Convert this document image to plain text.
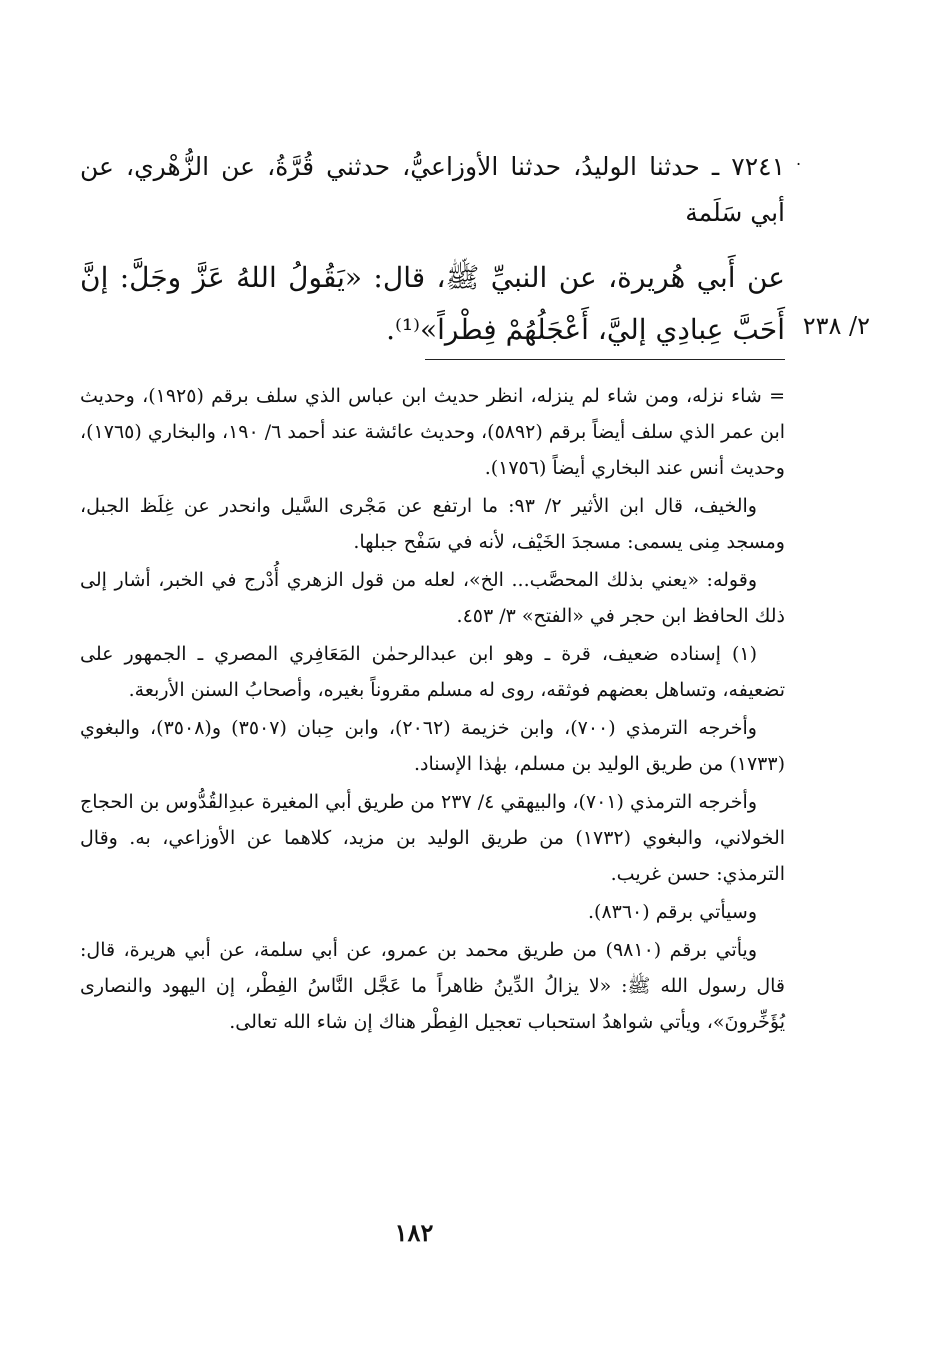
.
٧٢٤١ ـ حدثنا الوليدُ، حدثنا الأوزاعيُّ، حدثني قُرَّةُ، عن الزُّهْري، عن أبي سَلَمة
عن أَبي هُريرة، عن النبيِّ ﷺ، قال: «يَقُولُ اللهُ عَزَّ وجَلَّ: إنَّ أَحَبَّ عِبادِي إليَّ، أَعْجَلُهُمْ فِطْراً»⁽¹⁾. ٢/ ٢٣٨

= شاء نزله، ومن شاء لم ينزله، انظر حديث ابن عباس الذي سلف برقم (١٩٢٥)، وحديث ابن عمر الذي سلف أيضاً برقم (٥٨٩٢)، وحديث عائشة عند أحمد ٦/ ١٩٠، والبخاري (١٧٦٥)، وحديث أنس عند البخاري أيضاً (١٧٥٦).

والخيف، قال ابن الأثير ٢/ ٩٣: ما ارتفع عن مَجْرى السَّيل وانحدر عن غِلَظ الجبل، ومسجد مِنى يسمى: مسجدَ الخَيْف، لأنه في سَفْح جبلها.

وقوله: «يعني بذلك المحصَّب... الخ»، لعله من قول الزهري أُدْرج في الخبر، أشار إلى ذلك الحافظ ابن حجر في «الفتح» ٣/ ٤٥٣.

(١) إسناده ضعيف، قرة ـ وهو ابن عبدالرحمٰن المَعَافِري المصري ـ الجمهور على تضعيفه، وتساهل بعضهم فوثقه، روى له مسلم مقروناً بغيره، وأصحابُ السنن الأربعة.

وأخرجه الترمذي (٧٠٠)، وابن خزيمة (٢٠٦٢)، وابن حِبان (٣٥٠٧) و(٣٥٠٨)، والبغوي (١٧٣٣) من طريق الوليد بن مسلم، بهٰذا الإسناد.

وأخرجه الترمذي (٧٠١)، والبيهقي ٤/ ٢٣٧ من طريق أبي المغيرة عبدِالقُدُّوس بن الحجاج الخولاني، والبغوي (١٧٣٢) من طريق الوليد بن مزيد، كلاهما عن الأوزاعي، به. وقال الترمذي: حسن غريب.

وسيأتي برقم (٨٣٦٠).

ويأتي برقم (٩٨١٠) من طريق محمد بن عمرو، عن أبي سلمة، عن أبي هريرة، قال: قال رسول الله ﷺ: «لا يزالُ الدِّينُ ظاهراً ما عَجَّل النَّاسُ الفِطْر، إن اليهود والنصارى يُؤَخِّرونَ»، ويأتي شواهدُ استحباب تعجيل الفِطْر هناك إن شاء الله تعالى.

١٨٢
